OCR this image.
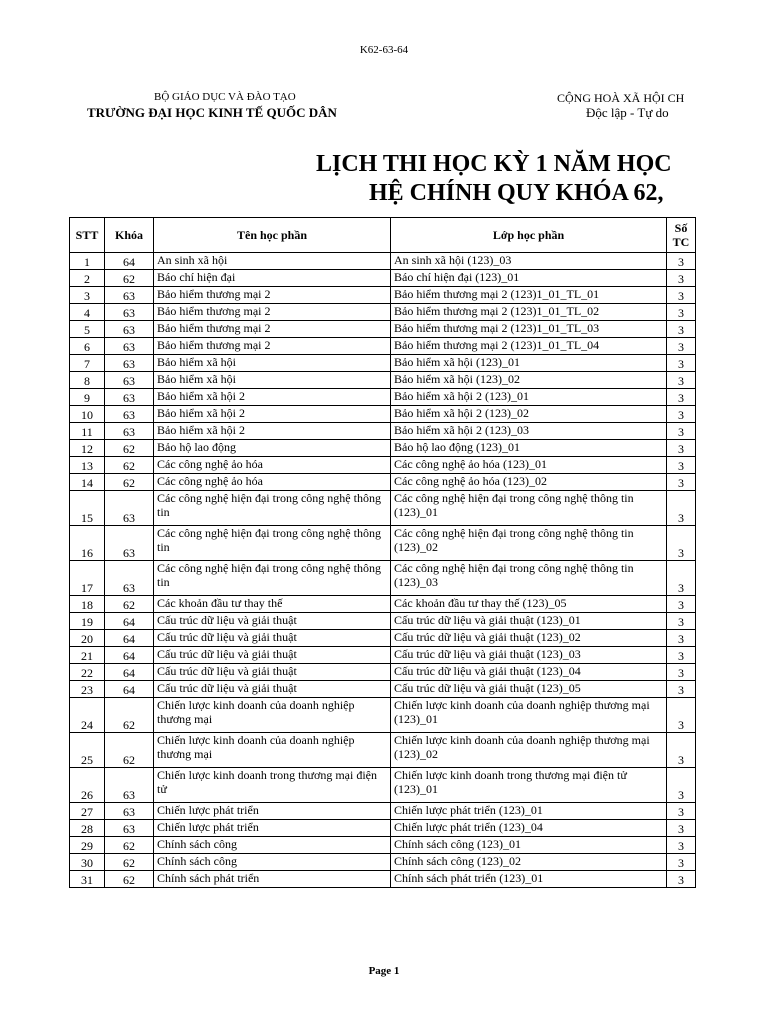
K62-63-64
BỘ GIÁO DỤC VÀ ĐÀO TẠO
TRƯỜNG ĐẠI HỌC KINH TẾ QUỐC DÂN
CỘNG HOÀ XÃ HỘI CH
Độc lập - Tự do
LỊCH THI HỌC KỲ 1 NĂM HỌC
HỆ CHÍNH QUY KHÓA 62,
STT	Khóa	Tên học phần	Lớp học phần	Số
TC
1	64	An sinh xã hội	An sinh xã hội (123)_03	3
2	62	Báo chí hiện đại	Báo chí hiện đại (123)_01	3
3	63	Bảo hiểm thương mại 2	Bảo hiểm thương mại 2 (123)1_01_TL_01	3
4	63	Bảo hiểm thương mại 2	Bảo hiểm thương mại 2 (123)1_01_TL_02	3
5	63	Bảo hiểm thương mại 2	Bảo hiểm thương mại 2 (123)1_01_TL_03	3
6	63	Bảo hiểm thương mại 2	Bảo hiểm thương mại 2 (123)1_01_TL_04	3
7	63	Bảo hiểm xã hội	Bảo hiểm xã hội (123)_01	3
8	63	Bảo hiểm xã hội	Bảo hiểm xã hội (123)_02	3
9	63	Bảo hiểm xã hội 2	Bảo hiểm xã hội 2 (123)_01	3
10	63	Bảo hiểm xã hội 2	Bảo hiểm xã hội 2 (123)_02	3
11	63	Bảo hiểm xã hội 2	Bảo hiểm xã hội 2 (123)_03	3
12	62	Bảo hộ lao động	Bảo hộ lao động (123)_01	3
13	62	Các công nghệ ảo hóa	Các công nghệ ảo hóa (123)_01	3
14	62	Các công nghệ ảo hóa	Các công nghệ ảo hóa (123)_02	3
15	63	Các công nghệ hiện đại trong công nghệ thông tin	Các công nghệ hiện đại trong công nghệ thông tin (123)_01	3
16	63	Các công nghệ hiện đại trong công nghệ thông tin	Các công nghệ hiện đại trong công nghệ thông tin (123)_02	3
17	63	Các công nghệ hiện đại trong công nghệ thông tin	Các công nghệ hiện đại trong công nghệ thông tin (123)_03	3
18	62	Các khoản đầu tư thay thế	Các khoản đầu tư thay thế (123)_05	3
19	64	Cấu trúc dữ liệu và giải thuật	Cấu trúc dữ liệu và giải thuật (123)_01	3
20	64	Cấu trúc dữ liệu và giải thuật	Cấu trúc dữ liệu và giải thuật (123)_02	3
21	64	Cấu trúc dữ liệu và giải thuật	Cấu trúc dữ liệu và giải thuật (123)_03	3
22	64	Cấu trúc dữ liệu và giải thuật	Cấu trúc dữ liệu và giải thuật (123)_04	3
23	64	Cấu trúc dữ liệu và giải thuật	Cấu trúc dữ liệu và giải thuật (123)_05	3
24	62	Chiến lược kinh doanh của doanh nghiệp thương mại	Chiến lược kinh doanh của doanh nghiệp thương mại (123)_01	3
25	62	Chiến lược kinh doanh của doanh nghiệp thương mại	Chiến lược kinh doanh của doanh nghiệp thương mại (123)_02	3
26	63	Chiến lược kinh doanh trong thương mại điện tử	Chiến lược kinh doanh trong thương mại điện tử (123)_01	3
27	63	Chiến lược phát triển	Chiến lược phát triển (123)_01	3
28	63	Chiến lược phát triển	Chiến lược phát triển (123)_04	3
29	62	Chính sách công	Chính sách công (123)_01	3
30	62	Chính sách công	Chính sách công (123)_02	3
31	62	Chính sách phát triển	Chính sách phát triển (123)_01	3
Page 1
